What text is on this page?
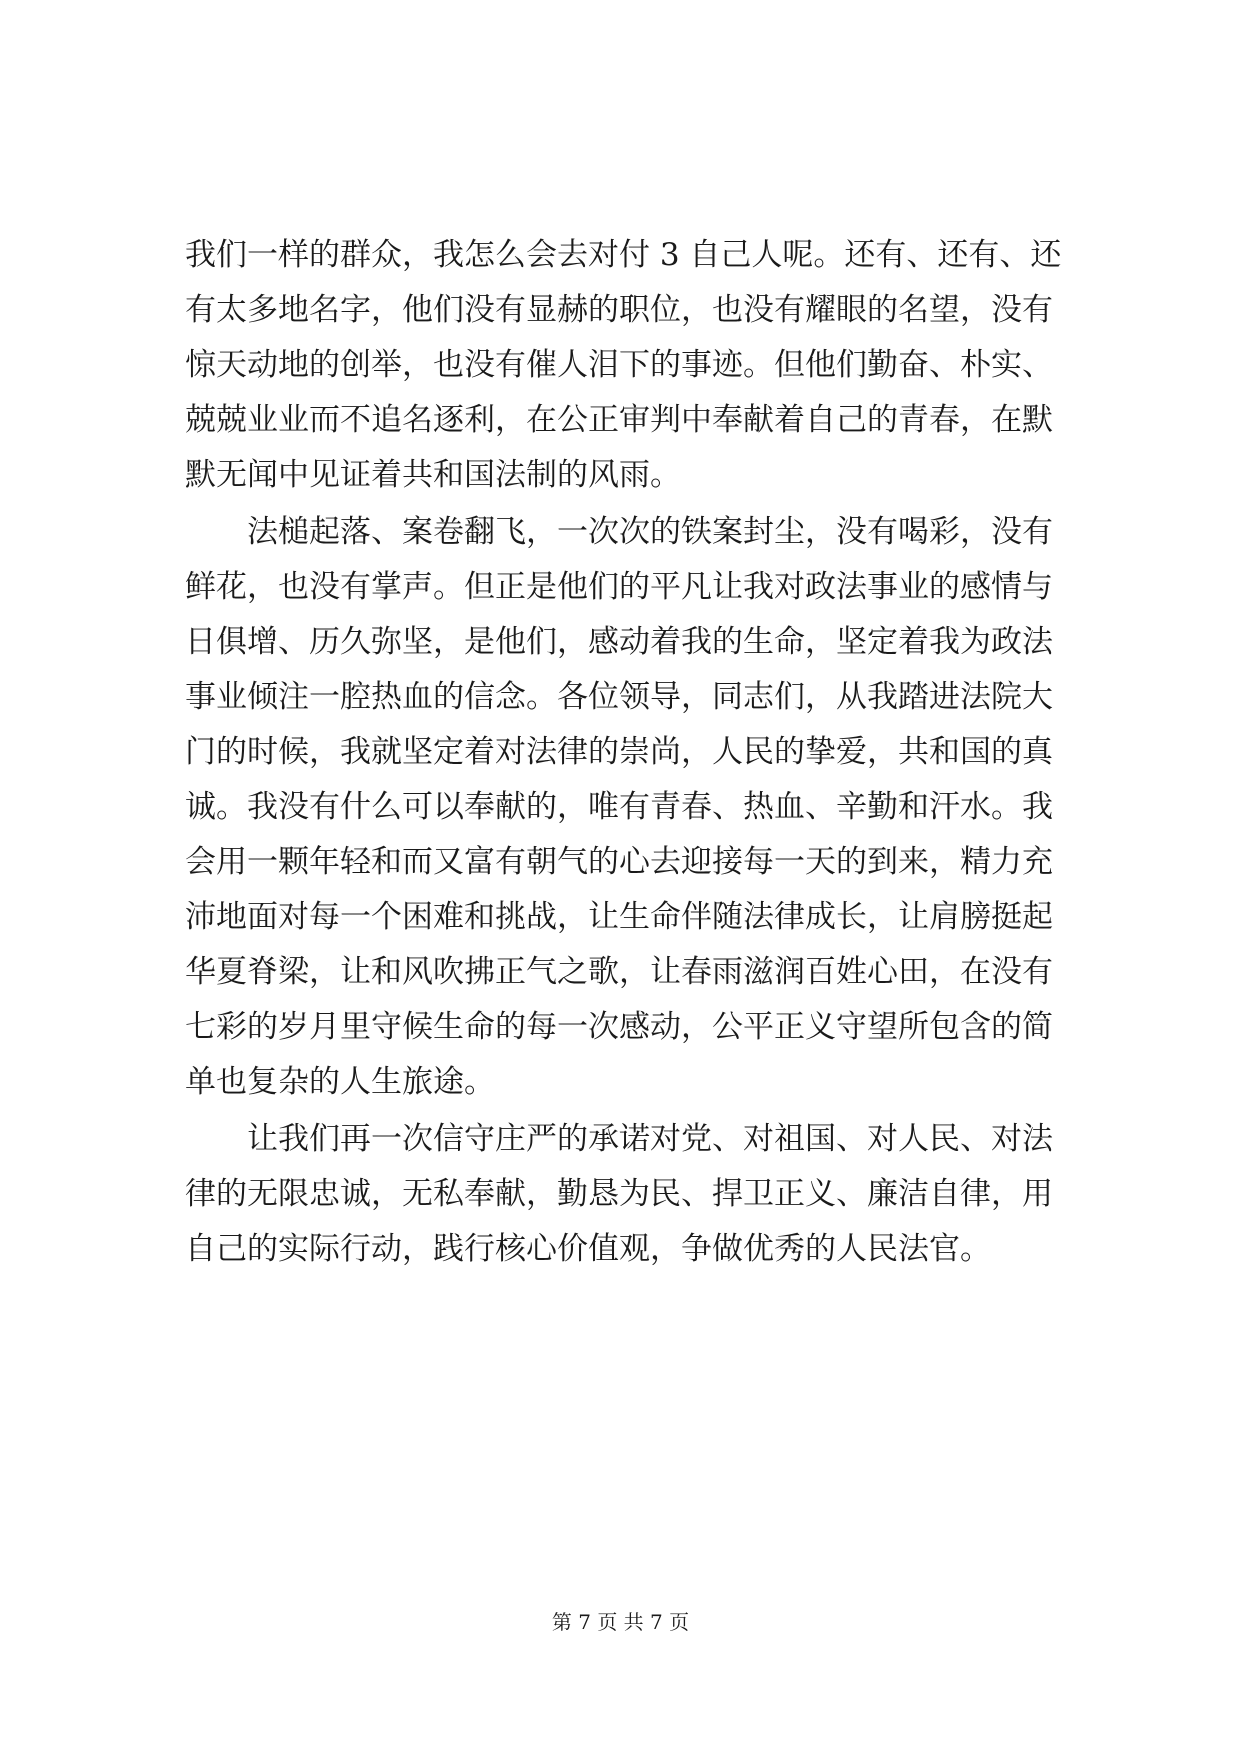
我们一样的群众，我怎么会去对付 3 自己人呢。还有、还有、还
有太多地名字，他们没有显赫的职位，也没有耀眼的名望，没有
惊天动地的创举，也没有催人泪下的事迹。但他们勤奋、朴实、
兢兢业业而不追名逐利，在公正审判中奉献着自己的青春，在默
默无闻中见证着共和国法制的风雨。
法槌起落、案卷翻飞，一次次的铁案封尘，没有喝彩，没有
鲜花，也没有掌声。但正是他们的平凡让我对政法事业的感情与
日俱增、历久弥坚，是他们，感动着我的生命，坚定着我为政法
事业倾注一腔热血的信念。各位领导，同志们，从我踏进法院大
门的时候，我就坚定着对法律的崇尚，人民的挚爱，共和国的真
诚。我没有什么可以奉献的，唯有青春、热血、辛勤和汗水。我
会用一颗年轻和而又富有朝气的心去迎接每一天的到来，精力充
沛地面对每一个困难和挑战，让生命伴随法律成长，让肩膀挺起
华夏脊梁，让和风吹拂正气之歌，让春雨滋润百姓心田，在没有
七彩的岁月里守候生命的每一次感动，公平正义守望所包含的简
单也复杂的人生旅途。
让我们再一次信守庄严的承诺对党、对祖国、对人民、对法
律的无限忠诚，无私奉献，勤恳为民、捍卫正义、廉洁自律，用
自己的实际行动，践行核心价值观，争做优秀的人民法官。
第 7 页 共 7 页
